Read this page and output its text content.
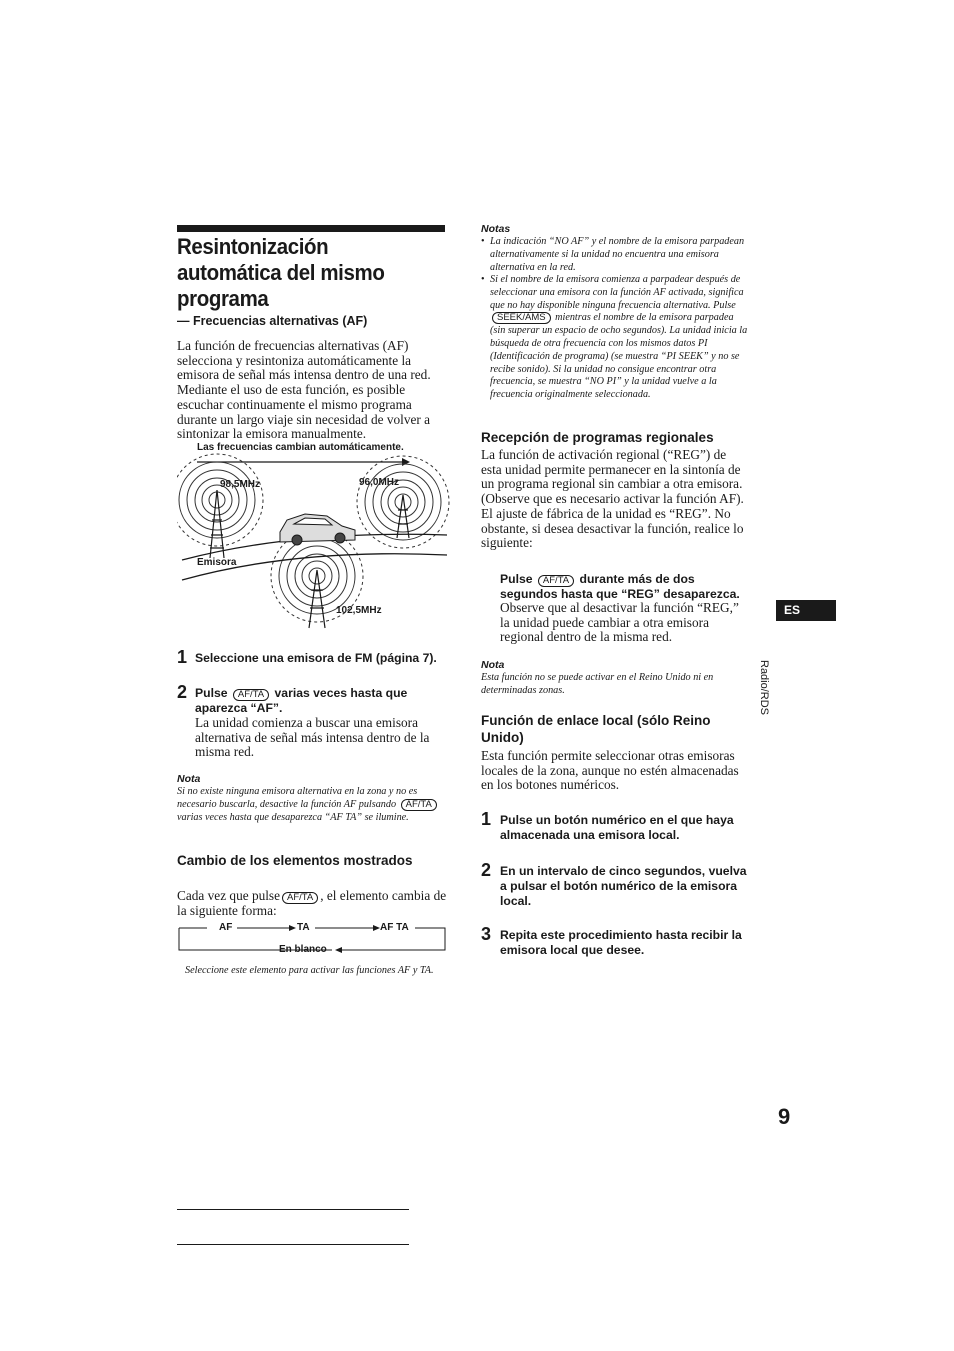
Resintonización automática del mismo programa
— Frecuencias alternativas (AF)
La función de frecuencias alternativas (AF) selecciona y resintoniza automáticamente la emisora de señal más intensa dentro de una red. Mediante el uso de esta función, es posible escuchar continuamente el mismo programa durante un largo viaje sin necesidad de volver a sintonizar la emisora manualmente.
Las frecuencias cambian automáticamente.
98,5MHz	96,0MHz
102,5MHz
Emisora
1 Seleccione una emisora de FM (página 7).
2 Pulse AF/TA varias veces hasta que aparezca “AF”.
La unidad comienza a buscar una emisora alternativa de señal más intensa dentro de la misma red.
Nota
Si no existe ninguna emisora alternativa en la zona y no es necesario buscarla, desactive la función AF pulsando AF/TA varias veces hasta que desaparezca “AF TA” se ilumine.
Cambio de los elementos mostrados
Cada vez que pulse AF/TA , el elemento cambia de la siguiente forma:
AF	TA	AF TA
En blanco
Seleccione este elemento para activar las funciones AF y TA.
Notas
• La indicación “NO AF” y el nombre de la emisora parpadean alternativamente si la unidad no encuentra una emisora alternativa en la red.
• Si el nombre de la emisora comienza a parpadear después de seleccionar una emisora con la función AF activada, significa que no hay disponible ninguna frecuencia alternativa. Pulse SEEK/AMS mientras el nombre de la emisora parpadea (sin superar un espacio de ocho segundos). La unidad inicia la búsqueda de otra frecuencia con los mismos datos PI (Identificación de programa) (se muestra “PI SEEK” y no se recibe sonido). Si la unidad no consigue encontrar otra frecuencia, se muestra “NO PI” y la unidad vuelve a la frecuencia originalmente seleccionada.
Recepción de programas regionales
La función de activación regional (“REG”) de esta unidad permite permanecer en la sintonía de un programa regional sin cambiar a otra emisora. (Observe que es necesario activar la función AF). El ajuste de fábrica de la unidad es “REG”. No obstante, si desea desactivar la función, realice lo siguiente:
Pulse AF/TA durante más de dos segundos hasta que “REG” desaparezca.
Observe que al desactivar la función “REG,” la unidad puede cambiar a otra emisora regional dentro de la misma red.
Nota
Esta función no se puede activar en el Reino Unido ni en determinadas zonas.
Función de enlace local (sólo Reino Unido)
Esta función permite seleccionar otras emisoras locales de la zona, aunque no estén almacenadas en los botones numéricos.
1 Pulse un botón numérico en el que haya almacenada una emisora local.
2 En un intervalo de cinco segundos, vuelva a pulsar el botón numérico de la emisora local.
3 Repita este procedimiento hasta recibir la emisora local que desee.
ES
Radio/RDS
9
